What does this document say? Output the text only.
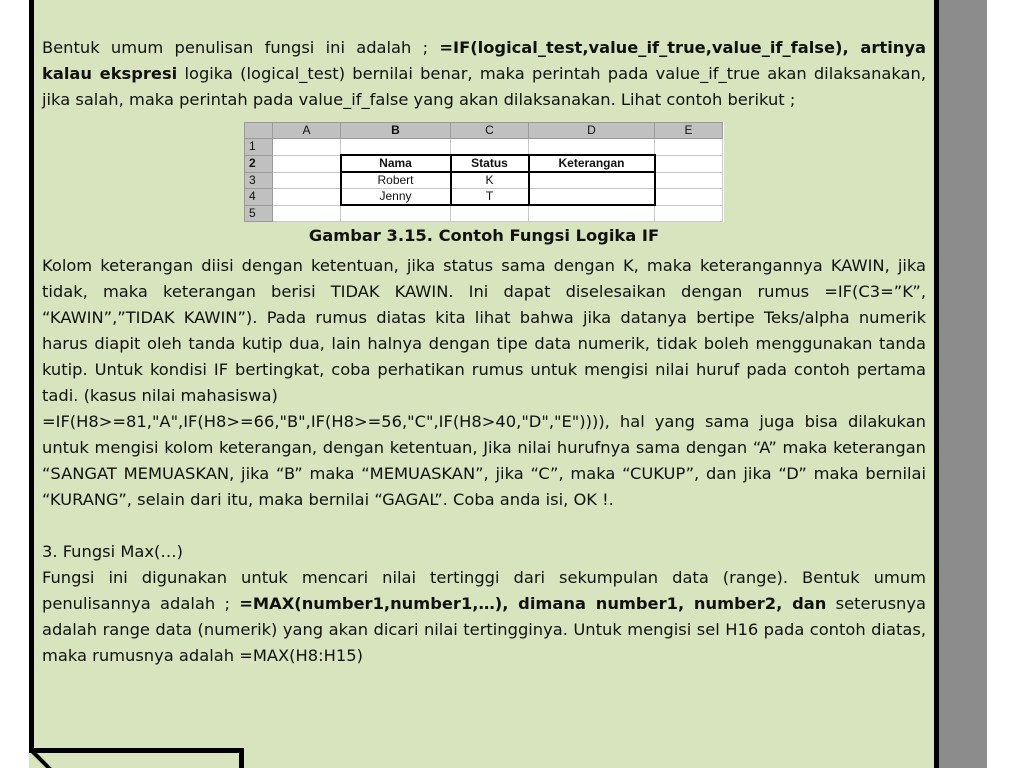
Bentuk umum penulisan fungsi ini adalah ; =IF(logical_test,value_if_true,value_if_false), artinya kalau ekspresi logika (logical_test) bernilai benar, maka perintah pada value_if_true akan dilaksanakan, jika salah, maka perintah pada value_if_false yang akan dilaksanakan. Lihat contoh berikut ;

	A	B	C	D	E
1					
2		Nama	Status	Keterangan	
3		Robert	K		
4		Jenny	T		
5					
Gambar 3.15. Contoh Fungsi Logika IF

Kolom keterangan diisi dengan ketentuan, jika status sama dengan K, maka keterangannya KAWIN, jika tidak, maka keterangan berisi TIDAK KAWIN. Ini dapat diselesaikan dengan rumus =IF(C3=”K”, “KAWIN”,”TIDAK KAWIN”). Pada rumus diatas kita lihat bahwa jika datanya bertipe Teks/alpha numerik harus diapit oleh tanda kutip dua, lain halnya dengan tipe data numerik, tidak boleh menggunakan tanda kutip. Untuk kondisi IF bertingkat, coba perhatikan rumus untuk mengisi nilai huruf pada contoh pertama tadi. (kasus nilai mahasiswa)

=IF(H8>=81,"A",IF(H8>=66,"B",IF(H8>=56,"C",IF(H8>40,"D","E")))), hal yang sama juga bisa dilakukan untuk mengisi kolom keterangan, dengan ketentuan, Jika nilai hurufnya sama dengan “A” maka keterangan “SANGAT MEMUASKAN, jika “B” maka “MEMUASKAN”, jika “C”, maka “CUKUP”, dan jika “D” maka bernilai “KURANG”, selain dari itu, maka bernilai “GAGAL”. Coba anda isi, OK !.

3. Fungsi Max(…)

Fungsi ini digunakan untuk mencari nilai tertinggi dari sekumpulan data (range). Bentuk umum penulisannya adalah ; =MAX(number1,number1,…), dimana number1, number2, dan seterusnya adalah range data (numerik) yang akan dicari nilai tertingginya. Untuk mengisi sel H16 pada contoh diatas, maka rumusnya adalah =MAX(H8:H15)
